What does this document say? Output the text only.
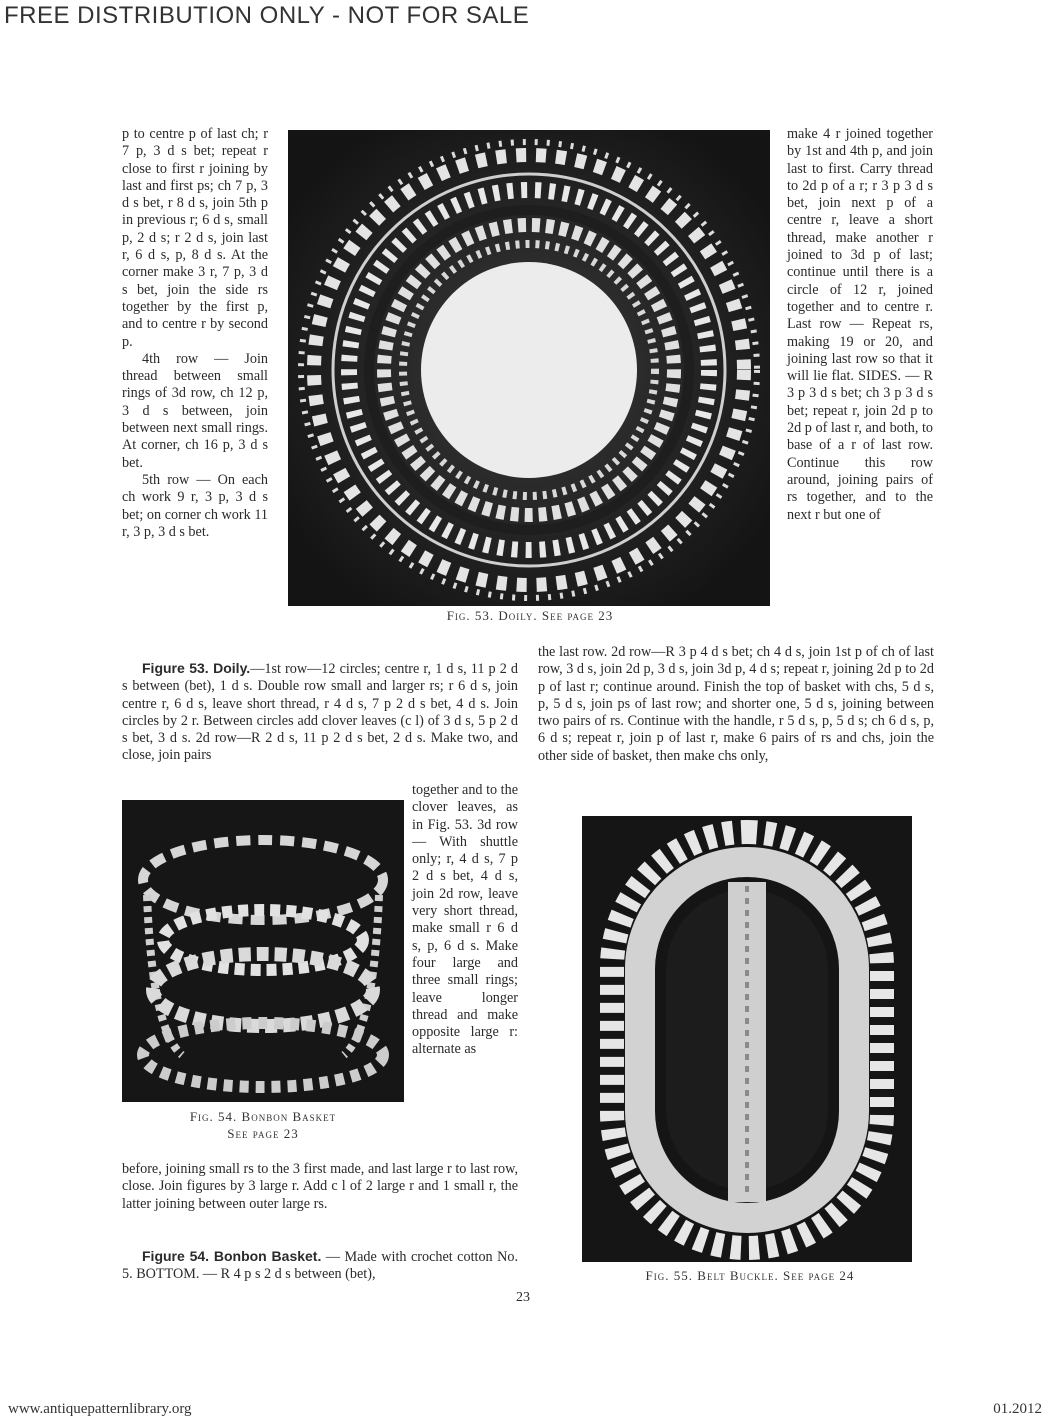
FREE DISTRIBUTION ONLY - NOT FOR SALE

p to centre p of last ch; r 7 p, 3 d s bet; repeat r close to first r joining by last and first ps; ch 7 p, 3 d s bet, r 8 d s, join 5th p in previous r; 6 d s, small p, 2 d s; r 2 d s, join last r, 6 d s, p, 8 d s. At the corner make 3 r, 7 p, 3 d s bet, join the side rs together by the first p, and to centre r by second p.

4th row — Join thread between small rings of 3d row, ch 12 p, 3 d s between, join between next small rings. At corner, ch 16 p, 3 d s bet.

5th row — On each ch work 9 r, 3 p, 3 d s bet; on corner ch work 11 r, 3 p, 3 d s bet.

Fig. 53. Doily. See page 23

make 4 r joined together by 1st and 4th p, and join last to first. Carry thread to 2d p of a r; r 3 p 3 d s bet, join next p of a centre r, leave a short thread, make another r joined to 3d p of last; continue until there is a circle of 12 r, joined together and to centre r. Last row — Repeat rs, making 19 or 20, and joining last row so that it will lie flat. SIDES. — R 3 p 3 d s bet; ch 3 p 3 d s bet; repeat r, join 2d p to 2d p of last r, and both, to base of a r of last row. Continue this row around, joining pairs of rs together, and to the next r but one of

Figure 53. Doily.—1st row—12 circles; centre r, 1 d s, 11 p 2 d s between (bet), 1 d s. Double row small and larger rs; r 6 d s, join centre r, 6 d s, leave short thread, r 4 d s, 7 p 2 d s bet, 4 d s. Join circles by 2 r. Between circles add clover leaves (c l) of 3 d s, 5 p 2 d s bet, 3 d s. 2d row—R 2 d s, 11 p 2 d s bet, 2 d s. Make two, and close, join pairs

Fig. 54. Bonbon Basket
See page 23

together and to the clover leaves, as in Fig. 53. 3d row — With shuttle only; r, 4 d s, 7 p 2 d s bet, 4 d s, join 2d row, leave very short thread, make small r 6 d s, p, 6 d s. Make four large and three small rings; leave longer thread and make opposite large r: alternate as

before, joining small rs to the 3 first made, and last large r to last row, close. Join figures by 3 large r. Add c l of 2 large r and 1 small r, the latter joining between outer large rs.

Figure 54. Bonbon Basket. — Made with crochet cotton No. 5. BOTTOM. — R 4 p s 2 d s between (bet),

the last row. 2d row—R 3 p 4 d s bet; ch 4 d s, join 1st p of ch of last row, 3 d s, join 2d p, 3 d s, join 3d p, 4 d s; repeat r, joining 2d p to 2d p of last r; continue around. Finish the top of basket with chs, 5 d s, p, 5 d s, join ps of last row; and shorter one, 5 d s, joining between two pairs of rs. Continue with the handle, r 5 d s, p, 5 d s; ch 6 d s, p, 6 d s; repeat r, join p of last r, make 6 pairs of rs and chs, join the other side of basket, then make chs only,

Fig. 55. Belt Buckle. See page 24
23
www.antiquepatternlibrary.org	01.2012
